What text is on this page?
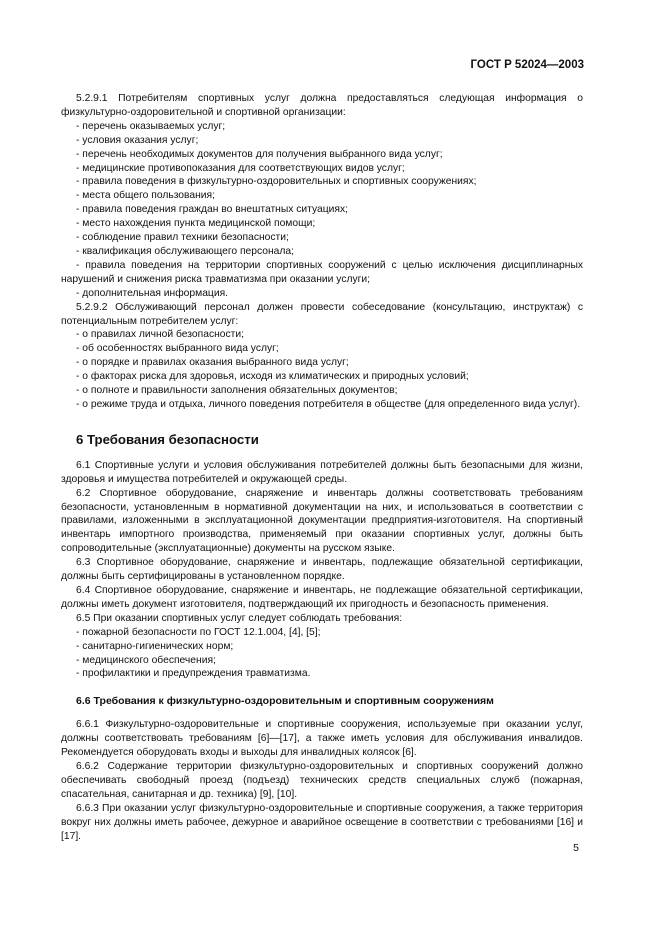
ГОСТ Р 52024—2003

5.2.9.1 Потребителям спортивных услуг должна предоставляться следующая информация о физкультурно-оздоровительной и спортивной организации:

- перечень оказываемых услуг;

- условия оказания услуг;

- перечень необходимых документов для получения выбранного вида услуг;

- медицинские противопоказания для соответствующих видов услуг;

- правила поведения в физкультурно-оздоровительных и спортивных сооружениях;

- места общего пользования;

- правила поведения граждан во внештатных ситуациях;

- место нахождения пункта медицинской помощи;

- соблюдение правил техники безопасности;

- квалификация обслуживающего персонала;

- правила поведения на территории спортивных сооружений с целью исключения дисциплинарных нарушений и снижения риска травматизма при оказании услуги;

- дополнительная информация.

5.2.9.2 Обслуживающий персонал должен провести собеседование (консультацию, инструктаж) с потенциальным потребителем услуг:

- о правилах личной безопасности;

- об особенностях выбранного вида услуг;

- о порядке и правилах оказания выбранного вида услуг;

- о факторах риска для здоровья, исходя из климатических и природных условий;

- о полноте и правильности заполнения обязательных документов;

- о режиме труда и отдыха, личного поведения потребителя в обществе (для определенного вида услуг).

6 Требования безопасности

6.1 Спортивные услуги и условия обслуживания потребителей должны быть безопасными для жизни, здоровья и имущества потребителей и окружающей среды.

6.2 Спортивное оборудование, снаряжение и инвентарь должны соответствовать требованиям безопасности, установленным в нормативной документации на них, и использоваться в соответствии с правилами, изложенными в эксплуатационной документации предприятия-изготовителя. На спортивный инвентарь импортного производства, применяемый при оказании спортивных услуг, должны быть сопроводительные (эксплуатационные) документы на русском языке.

6.3 Спортивное оборудование, снаряжение и инвентарь, подлежащие обязательной сертификации, должны быть сертифицированы в установленном порядке.

6.4 Спортивное оборудование, снаряжение и инвентарь, не подлежащие обязательной сертификации, должны иметь документ изготовителя, подтверждающий их пригодность и безопасность применения.

6.5 При оказании спортивных услуг следует соблюдать требования:

- пожарной безопасности по ГОСТ 12.1.004, [4], [5];

- санитарно-гигиенических норм;

- медицинского обеспечения;

- профилактики и предупреждения травматизма.

6.6 Требования к физкультурно-оздоровительным и спортивным сооружениям

6.6.1 Физкультурно-оздоровительные и спортивные сооружения, используемые при оказании услуг, должны соответствовать требованиям [6]—[17], а также иметь условия для обслуживания инвалидов. Рекомендуется оборудовать входы и выходы для инвалидных колясок [6].

6.6.2 Содержание территории физкультурно-оздоровительных и спортивных сооружений должно обеспечивать свободный проезд (подъезд) технических средств специальных служб (пожарная, спасательная, санитарная и др. техника) [9], [10].

6.6.3 При оказании услуг физкультурно-оздоровительные и спортивные сооружения, а также территория вокруг них должны иметь рабочее, дежурное и аварийное освещение в соответствии с требованиями [16] и [17].

5
